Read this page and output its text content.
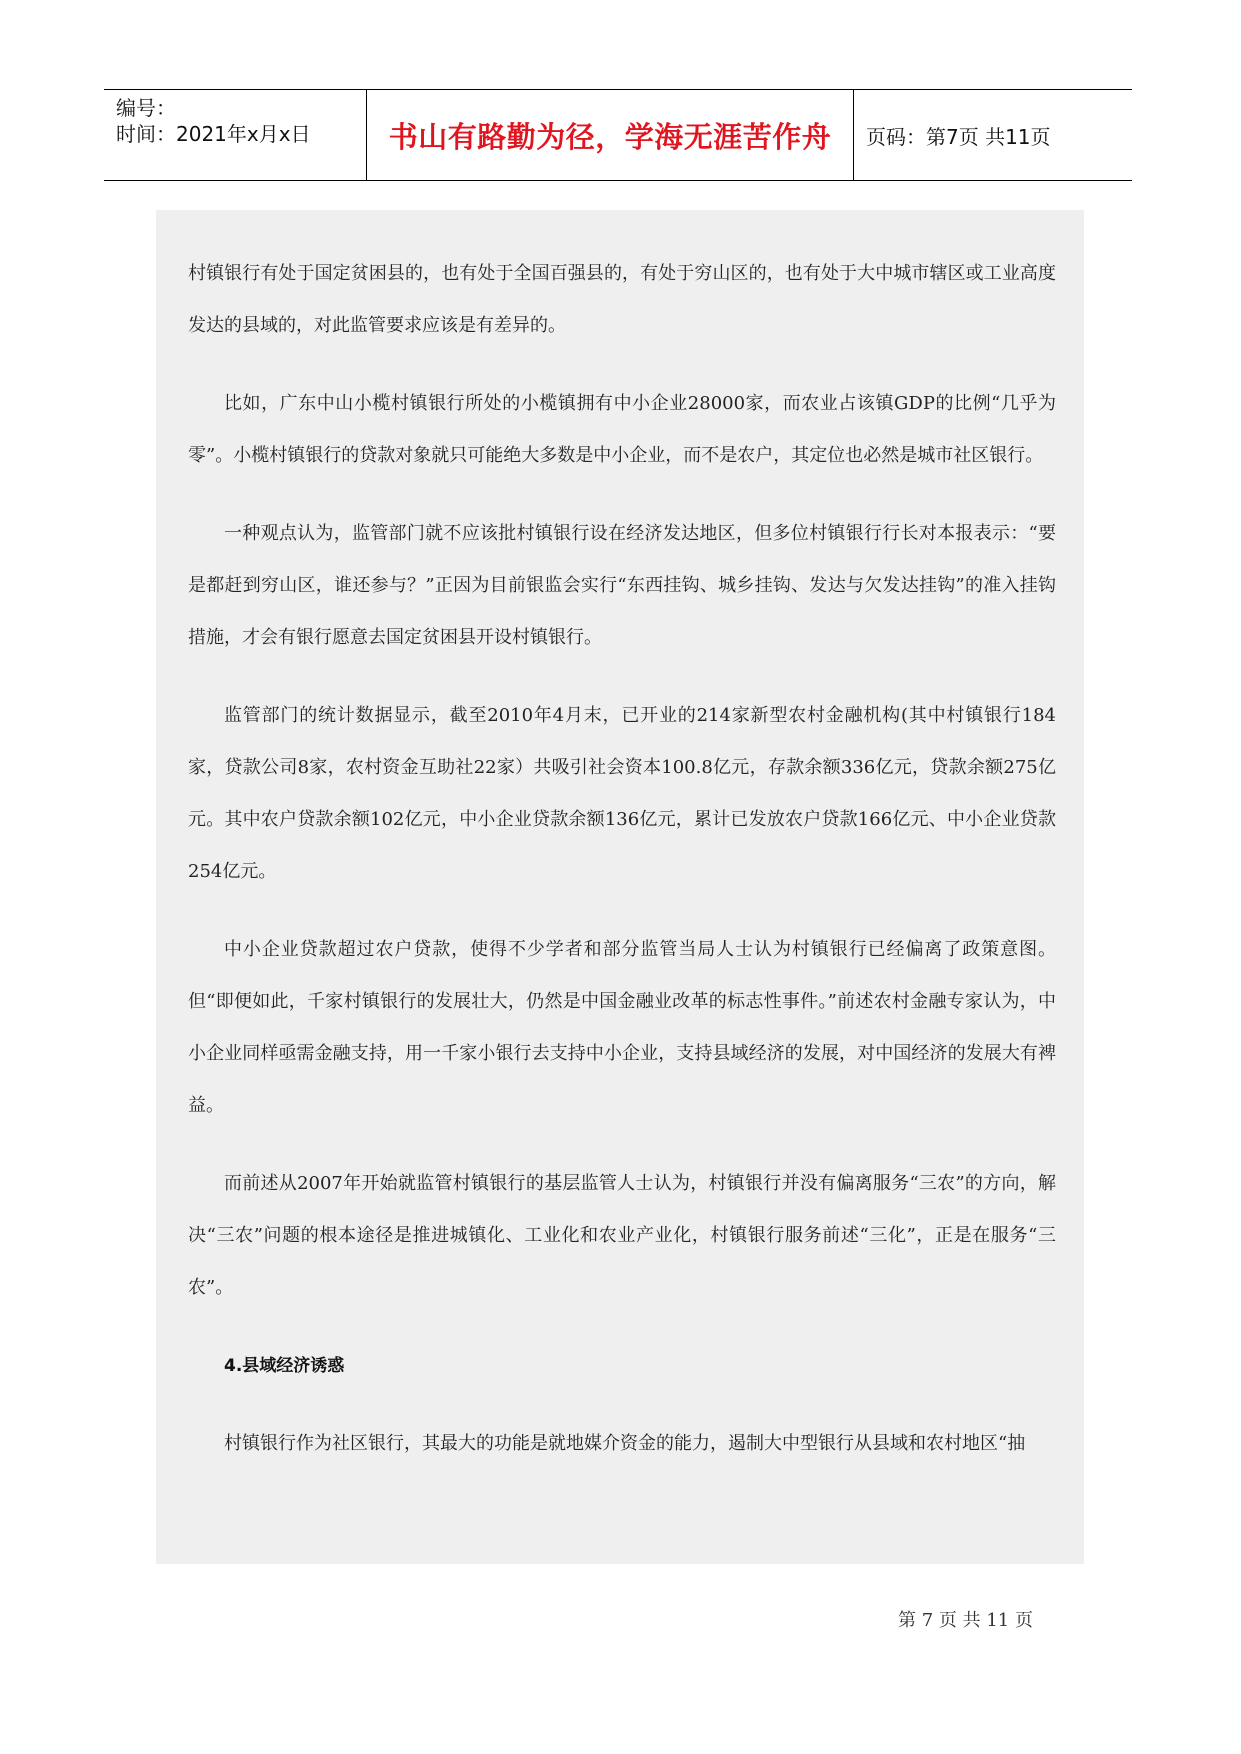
编号：
时间：2021年x月x日	书山有路勤为径，学海无涯苦作舟 页码：第7页 共11页

村镇银行有处于国定贫困县的，也有处于全国百强县的，有处于穷山区的，也有处于大中城市辖区或工业高度发达的县域的，对此监管要求应该是有差异的。

比如，广东中山小榄村镇银行所处的小榄镇拥有中小企业28000家，而农业占该镇GDP的比例“几乎为零”。小榄村镇银行的贷款对象就只可能绝大多数是中小企业，而不是农户，其定位也必然是城市社区银行。

一种观点认为，监管部门就不应该批村镇银行设在经济发达地区，但多位村镇银行行长对本报表示：“要是都赶到穷山区，谁还参与？”正因为目前银监会实行“东西挂钩、城乡挂钩、发达与欠发达挂钩”的准入挂钩措施，才会有银行愿意去国定贫困县开设村镇银行。

监管部门的统计数据显示，截至2010年4月末，已开业的214家新型农村金融机构(其中村镇银行184家，贷款公司8家，农村资金互助社22家）共吸引社会资本100.8亿元，存款余额336亿元，贷款余额275亿元。其中农户贷款余额102亿元，中小企业贷款余额136亿元，累计已发放农户贷款166亿元、中小企业贷款254亿元。

中小企业贷款超过农户贷款，使得不少学者和部分监管当局人士认为村镇银行已经偏离了政策意图。但“即便如此，千家村镇银行的发展壮大，仍然是中国金融业改革的标志性事件。”前述农村金融专家认为，中小企业同样亟需金融支持，用一千家小银行去支持中小企业，支持县域经济的发展，对中国经济的发展大有裨益。

而前述从2007年开始就监管村镇银行的基层监管人士认为，村镇银行并没有偏离服务“三农”的方向，解决“三农”问题的根本途径是推进城镇化、工业化和农业产业化，村镇银行服务前述“三化”，正是在服务“三农”。

4.县域经济诱惑

村镇银行作为社区银行，其最大的功能是就地媒介资金的能力，遏制大中型银行从县域和农村地区“抽

第 7 页 共 11 页
